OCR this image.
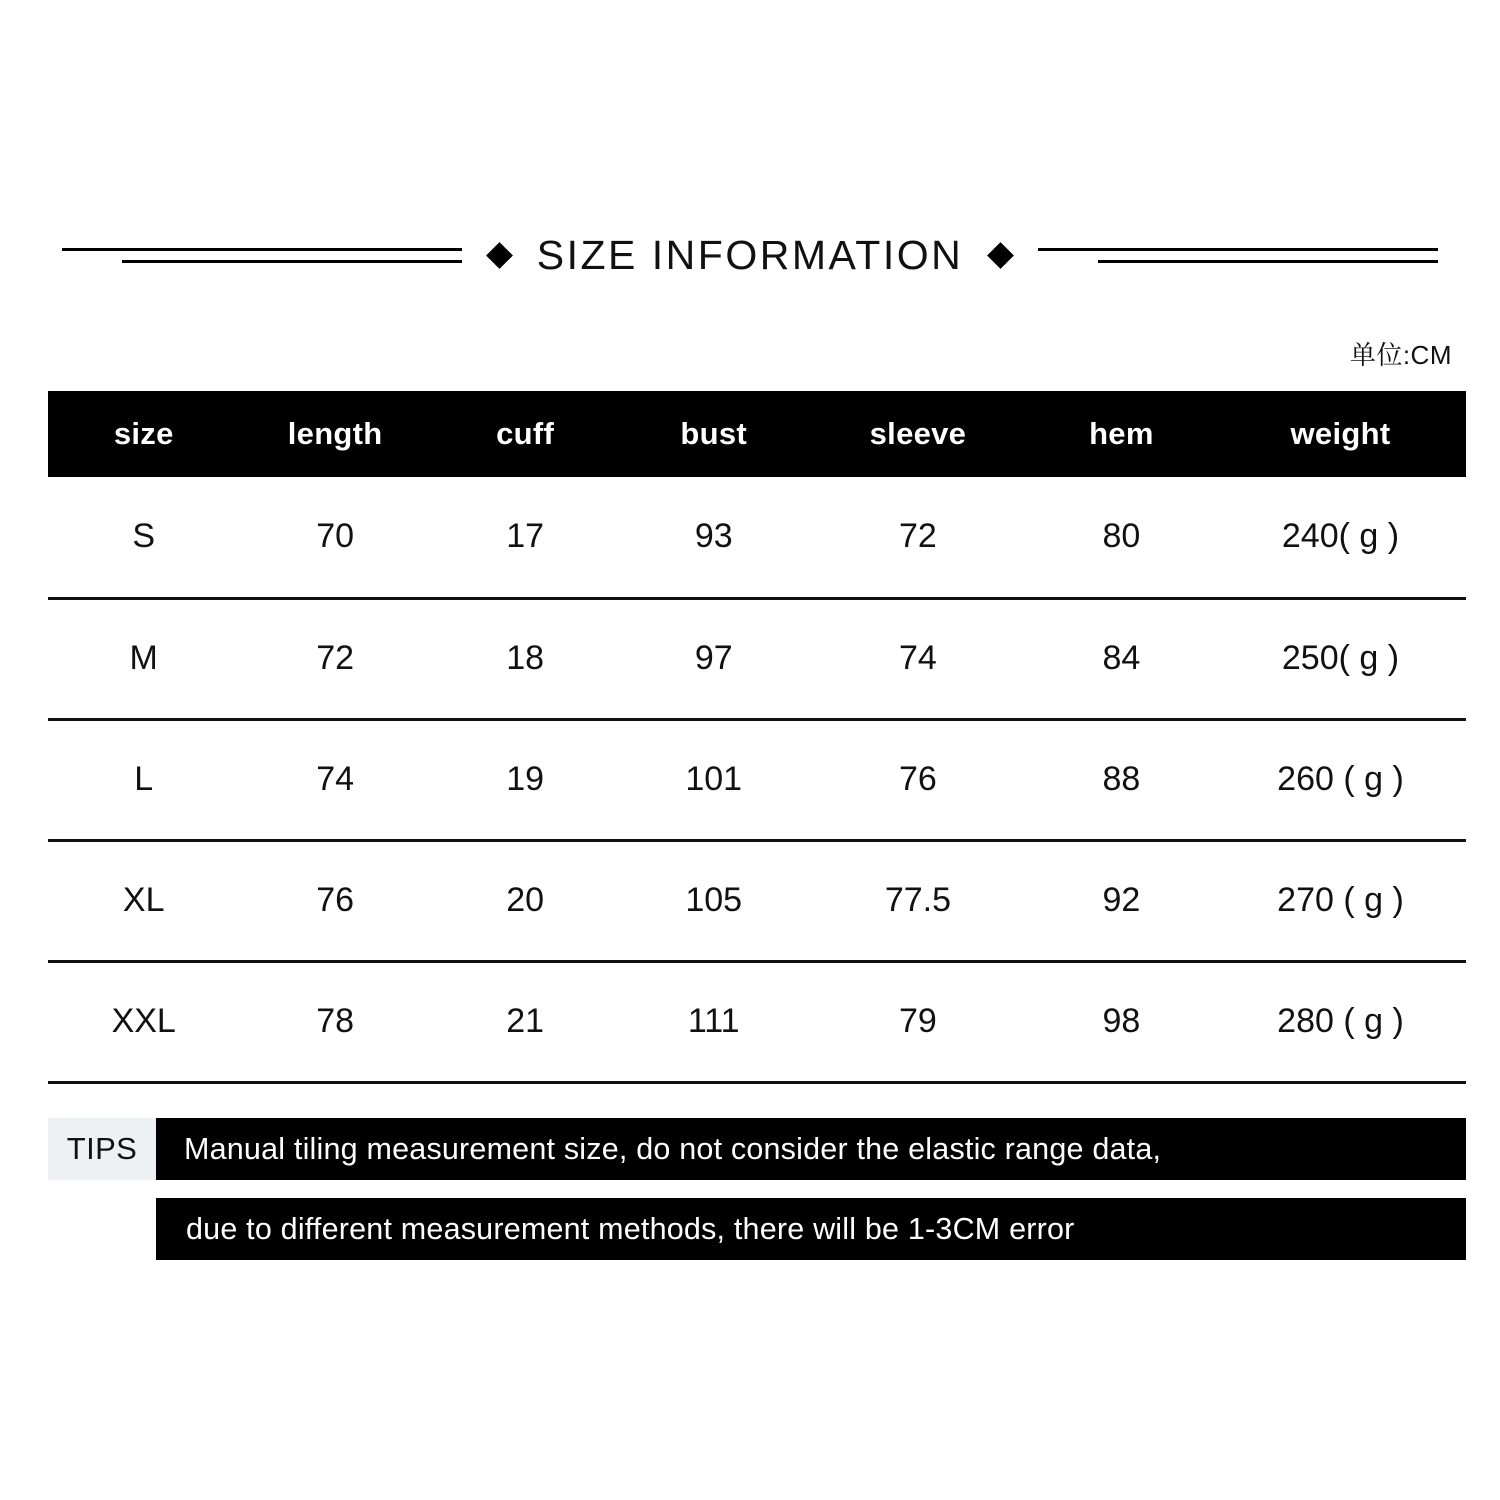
SIZE INFORMATION
单位:CM
size	length	cuff	bust	sleeve	hem	weight
S	70	17	93	72	80	240( g )
M	72	18	97	74	84	250( g )
L	74	19	101	76	88	260 ( g )
XL	76	20	105	77.5	92	270 ( g )
XXL	78	21	111	79	98	280 ( g )
TIPS	Manual tiling measurement size, do not consider the elastic range data,
due to different measurement methods, there will be 1-3CM error
